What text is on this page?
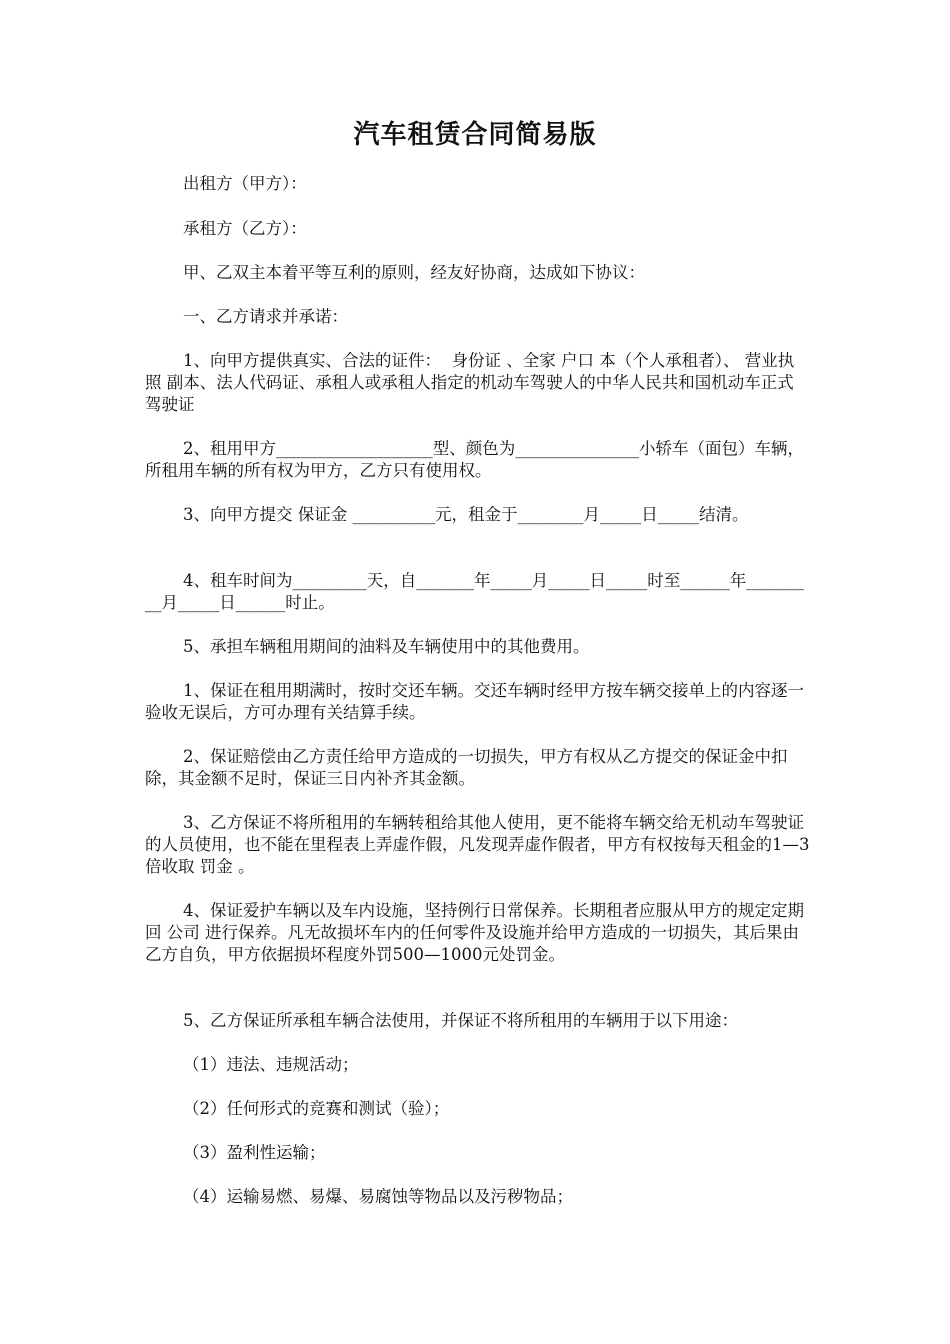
汽车租赁合同简易版

出租方（甲方）：

承租方（乙方）：

甲、乙双主本着平等互利的原则，经友好协商，达成如下协议：

一、乙方请求并承诺：

1、向甲方提供真实、合法的证件：  身份证 、全家 户口 本（个人承租者）、 营业执照 副本、法人代码证、承租人或承租人指定的机动车驾驶人的中华人民共和国机动车正式 驾驶证

2、租用甲方___________________型、颜色为_______________小轿车（面包）车辆，所租用车辆的所有权为甲方，乙方只有使用权。

3、向甲方提交 保证金 __________元，租金于________月_____日_____结清。

4、租车时间为_________天，自_______年_____月_____日_____时至______年_________月_____日______时止。

5、承担车辆租用期间的油料及车辆使用中的其他费用。

1、保证在租用期满时，按时交还车辆。交还车辆时经甲方按车辆交接单上的内容逐一验收无误后，方可办理有关结算手续。

2、保证赔偿由乙方责任给甲方造成的一切损失，甲方有权从乙方提交的保证金中扣除，其金额不足时，保证三日内补齐其金额。

3、乙方保证不将所租用的车辆转租给其他人使用，更不能将车辆交给无机动车驾驶证的人员使用，也不能在里程表上弄虚作假，凡发现弄虚作假者，甲方有权按每天租金的1—3倍收取 罚金 。

4、保证爱护车辆以及车内设施，坚持例行日常保养。长期租者应服从甲方的规定定期回 公司 进行保养。凡无故损坏车内的任何零件及设施并给甲方造成的一切损失，其后果由乙方自负，甲方依据损坏程度外罚500—1000元处罚金。

5、乙方保证所承租车辆合法使用，并保证不将所租用的车辆用于以下用途：

（1）违法、违规活动；

（2）任何形式的竞赛和测试（验）；

（3）盈利性运输；

（4）运输易燃、易爆、易腐蚀等物品以及污秽物品；
